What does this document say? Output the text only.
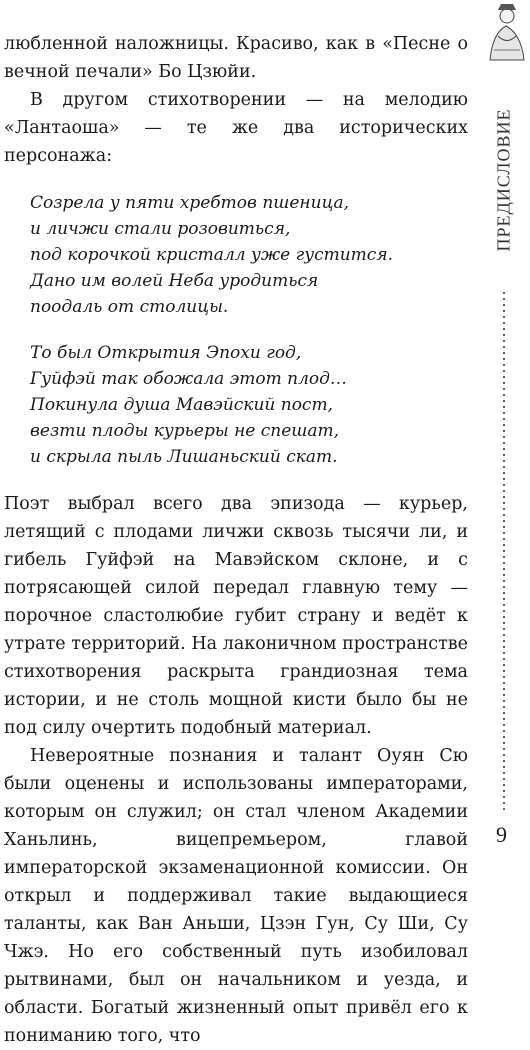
ПРЕДИСЛОВИЕ

любленной наложницы. Красиво, как в «Песне о вечной печали» Бо Цзюйи.

В другом стихотворении — на мелодию «Лантаоша» — те же два исторических персонажа:

Созрела у пяти хребтов пшеница,
и личжи стали розовиться,
под корочкой кристалл уже густится.
Дано им волей Неба уродиться
поодаль от столицы.
То был Открытия Эпохи год,
Гуйфэй так обожала этот плод…
Покинула душа Мавэйский пост,
везти плоды курьеры не спешат,
и скрыла пыль Лишаньский скат.

Поэт выбрал всего два эпизода — курьер, летящий с плодами личжи сквозь тысячи ли, и гибель Гуйфэй на Мавэйском склоне, и с потрясающей силой передал главную тему — порочное сластолюбие губит страну и ведёт к утрате территорий. На лаконичном пространстве стихотворения раскрыта грандиозная тема истории, и не столь мощной кисти было бы не под силу очертить подобный материал.

Невероятные познания и талант Оуян Сю были оценены и использованы императорами, которым он служил; он стал членом Академии Ханьлинь, вицепремьером, главой императорской экзаменационной комиссии. Он открыл и поддерживал такие выдающиеся таланты, как Ван Аньши, Цзэн Гун, Су Ши, Су Чжэ. Но его собственный путь изобиловал рытвинами, был он начальником и уезда, и области. Богатый жизненный опыт привёл его к пониманию того, что

9
